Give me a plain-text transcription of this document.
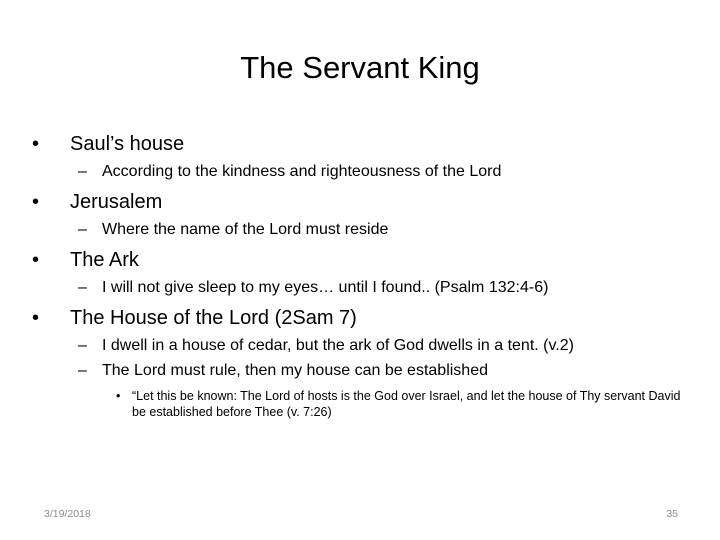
The Servant King
• Saul’s house
– According to the kindness and righteousness of the Lord
• Jerusalem
– Where the name of the Lord must reside
• The Ark
– I will not give sleep to my eyes… until I found.. (Psalm 132:4-6)
• The House of the Lord (2Sam 7)
– I dwell in a house of cedar, but the ark of God dwells in a tent. (v.2)
– The Lord must rule, then my house can be established
• “Let this be known: The Lord of hosts is the God over Israel, and let the house of Thy servant David be established before Thee (v. 7:26)
3/19/2018	35
